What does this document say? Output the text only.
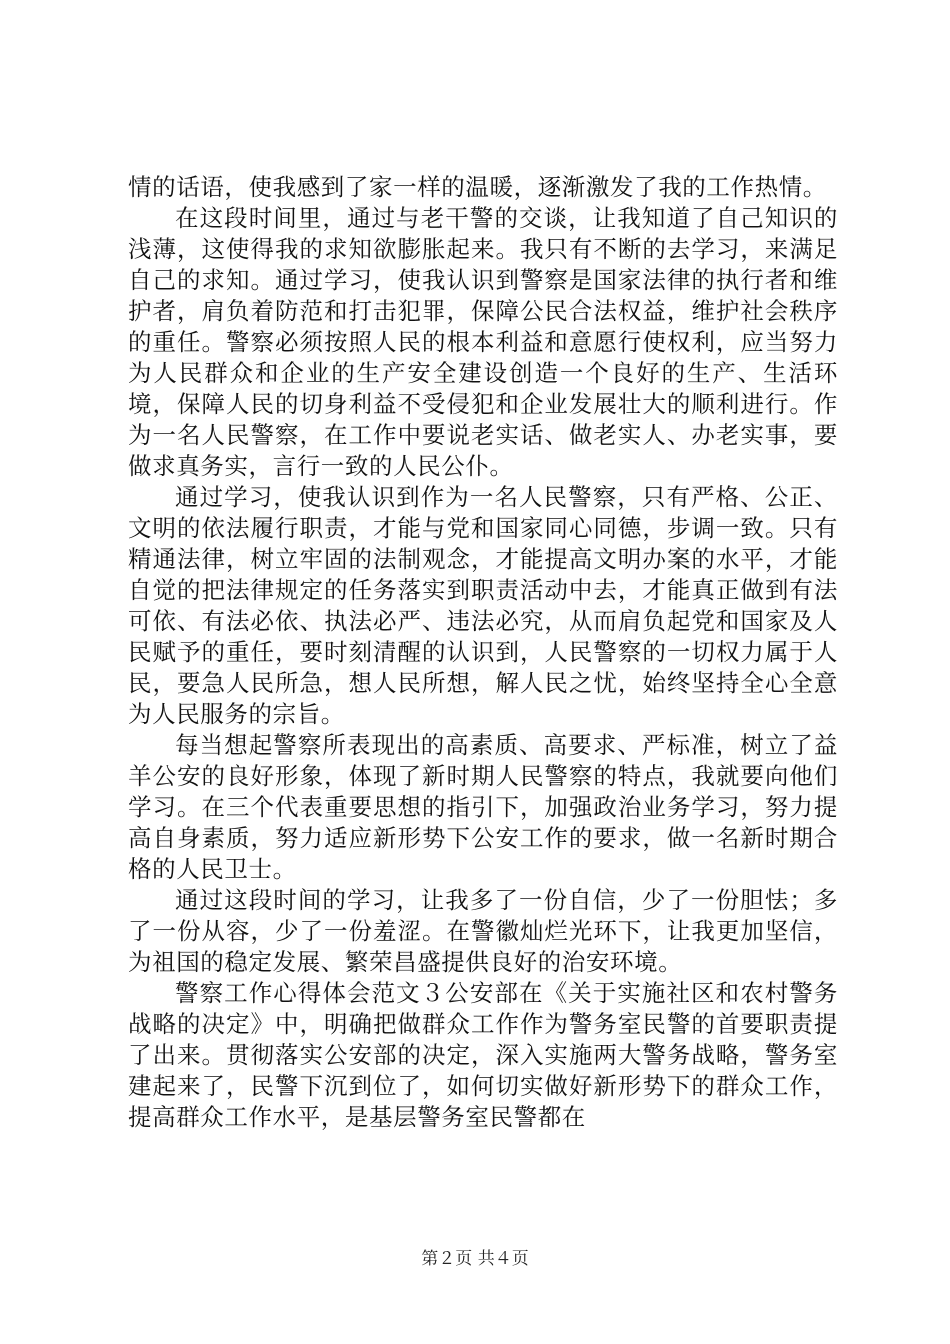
情的话语，使我感到了家一样的温暖，逐渐激发了我的工作热情。

在这段时间里，通过与老干警的交谈，让我知道了自己知识的浅薄，这使得我的求知欲膨胀起来。我只有不断的去学习，来满足自己的求知。通过学习，使我认识到警察是国家法律的执行者和维护者，肩负着防范和打击犯罪，保障公民合法权益，维护社会秩序的重任。警察必须按照人民的根本利益和意愿行使权利，应当努力为人民群众和企业的生产安全建设创造一个良好的生产、生活环境，保障人民的切身利益不受侵犯和企业发展壮大的顺利进行。作为一名人民警察，在工作中要说老实话、做老实人、办老实事，要做求真务实，言行一致的人民公仆。

通过学习，使我认识到作为一名人民警察，只有严格、公正、文明的依法履行职责，才能与党和国家同心同德，步调一致。只有精通法律，树立牢固的法制观念，才能提高文明办案的水平，才能自觉的把法律规定的任务落实到职责活动中去，才能真正做到有法可依、有法必依、执法必严、违法必究，从而肩负起党和国家及人民赋予的重任，要时刻清醒的认识到，人民警察的一切权力属于人民，要急人民所急，想人民所想，解人民之忧，始终坚持全心全意为人民服务的宗旨。

每当想起警察所表现出的高素质、高要求、严标准，树立了益羊公安的良好形象，体现了新时期人民警察的特点，我就要向他们学习。在三个代表重要思想的指引下，加强政治业务学习，努力提高自身素质，努力适应新形势下公安工作的要求，做一名新时期合格的人民卫士。

通过这段时间的学习，让我多了一份自信，少了一份胆怯；多了一份从容，少了一份羞涩。在警徽灿烂光环下，让我更加坚信，为祖国的稳定发展、繁荣昌盛提供良好的治安环境。

警察工作心得体会范文３公安部在《关于实施社区和农村警务战略的决定》中，明确把做群众工作作为警务室民警的首要职责提了出来。贯彻落实公安部的决定，深入实施两大警务战略，警务室建起来了，民警下沉到位了，如何切实做好新形势下的群众工作，提高群众工作水平，是基层警务室民警都在

第２页 共４页
